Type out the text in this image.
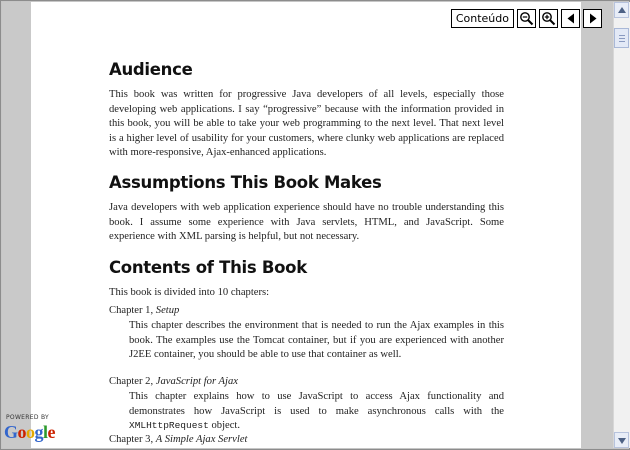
Audience
This book was written for progressive Java developers of all levels, especially those developing web applications. I say “progressive” because with the information provided in this book, you will be able to take your web programming to the next level. That next level is a higher level of usability for your customers, where clunky web applications are replaced with more-responsive, Ajax-enhanced applications.
Assumptions This Book Makes
Java developers with web application experience should have no trouble understanding this book. I assume some experience with Java servlets, HTML, and JavaScript. Some experience with XML parsing is helpful, but not necessary.
Contents of This Book
This book is divided into 10 chapters:
Chapter 1, Setup
This chapter describes the environment that is needed to run the Ajax examples in this book. The examples use the Tomcat container, but if you are experienced with another J2EE container, you should be able to use that container as well.
Chapter 2, JavaScript for Ajax
This chapter explains how to use JavaScript to access Ajax functionality and demonstrates how JavaScript is used to make asynchronous calls with the XMLHttpRequest object.
Chapter 3, A Simple Ajax Servlet
Conteúdo
POWERED BY
Google
